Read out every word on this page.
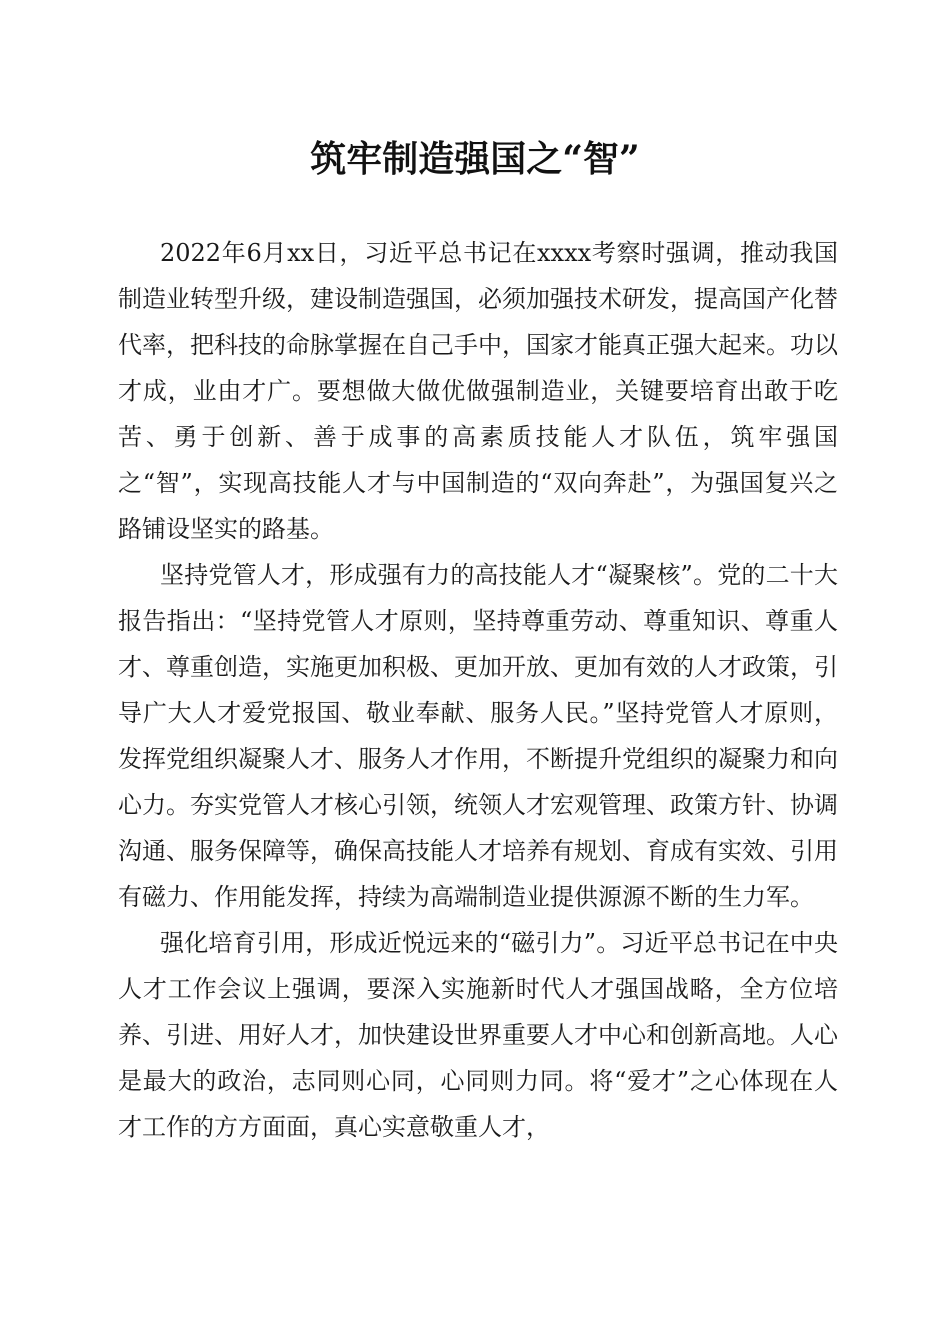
筑牢制造强国之“智”

2022年6月xx日，习近平总书记在xxxx考察时强调，推动我国制造业转型升级，建设制造强国，必须加强技术研发，提高国产化替代率，把科技的命脉掌握在自己手中，国家才能真正强大起来。功以才成，业由才广。要想做大做优做强制造业，关键要培育出敢于吃苦、勇于创新、善于成事的高素质技能人才队伍，筑牢强国之“智”，实现高技能人才与中国制造的“双向奔赴”，为强国复兴之路铺设坚实的路基。

坚持党管人才，形成强有力的高技能人才“凝聚核”。党的二十大报告指出：“坚持党管人才原则，坚持尊重劳动、尊重知识、尊重人才、尊重创造，实施更加积极、更加开放、更加有效的人才政策，引导广大人才爱党报国、敬业奉献、服务人民。”坚持党管人才原则，发挥党组织凝聚人才、服务人才作用，不断提升党组织的凝聚力和向心力。夯实党管人才核心引领，统领人才宏观管理、政策方针、协调沟通、服务保障等，确保高技能人才培养有规划、育成有实效、引用有磁力、作用能发挥，持续为高端制造业提供源源不断的生力军。

强化培育引用，形成近悦远来的“磁引力”。习近平总书记在中央人才工作会议上强调，要深入实施新时代人才强国战略，全方位培养、引进、用好人才，加快建设世界重要人才中心和创新高地。人心是最大的政治，志同则心同，心同则力同。将“爱才”之心体现在人才工作的方方面面，真心实意敬重人才，
